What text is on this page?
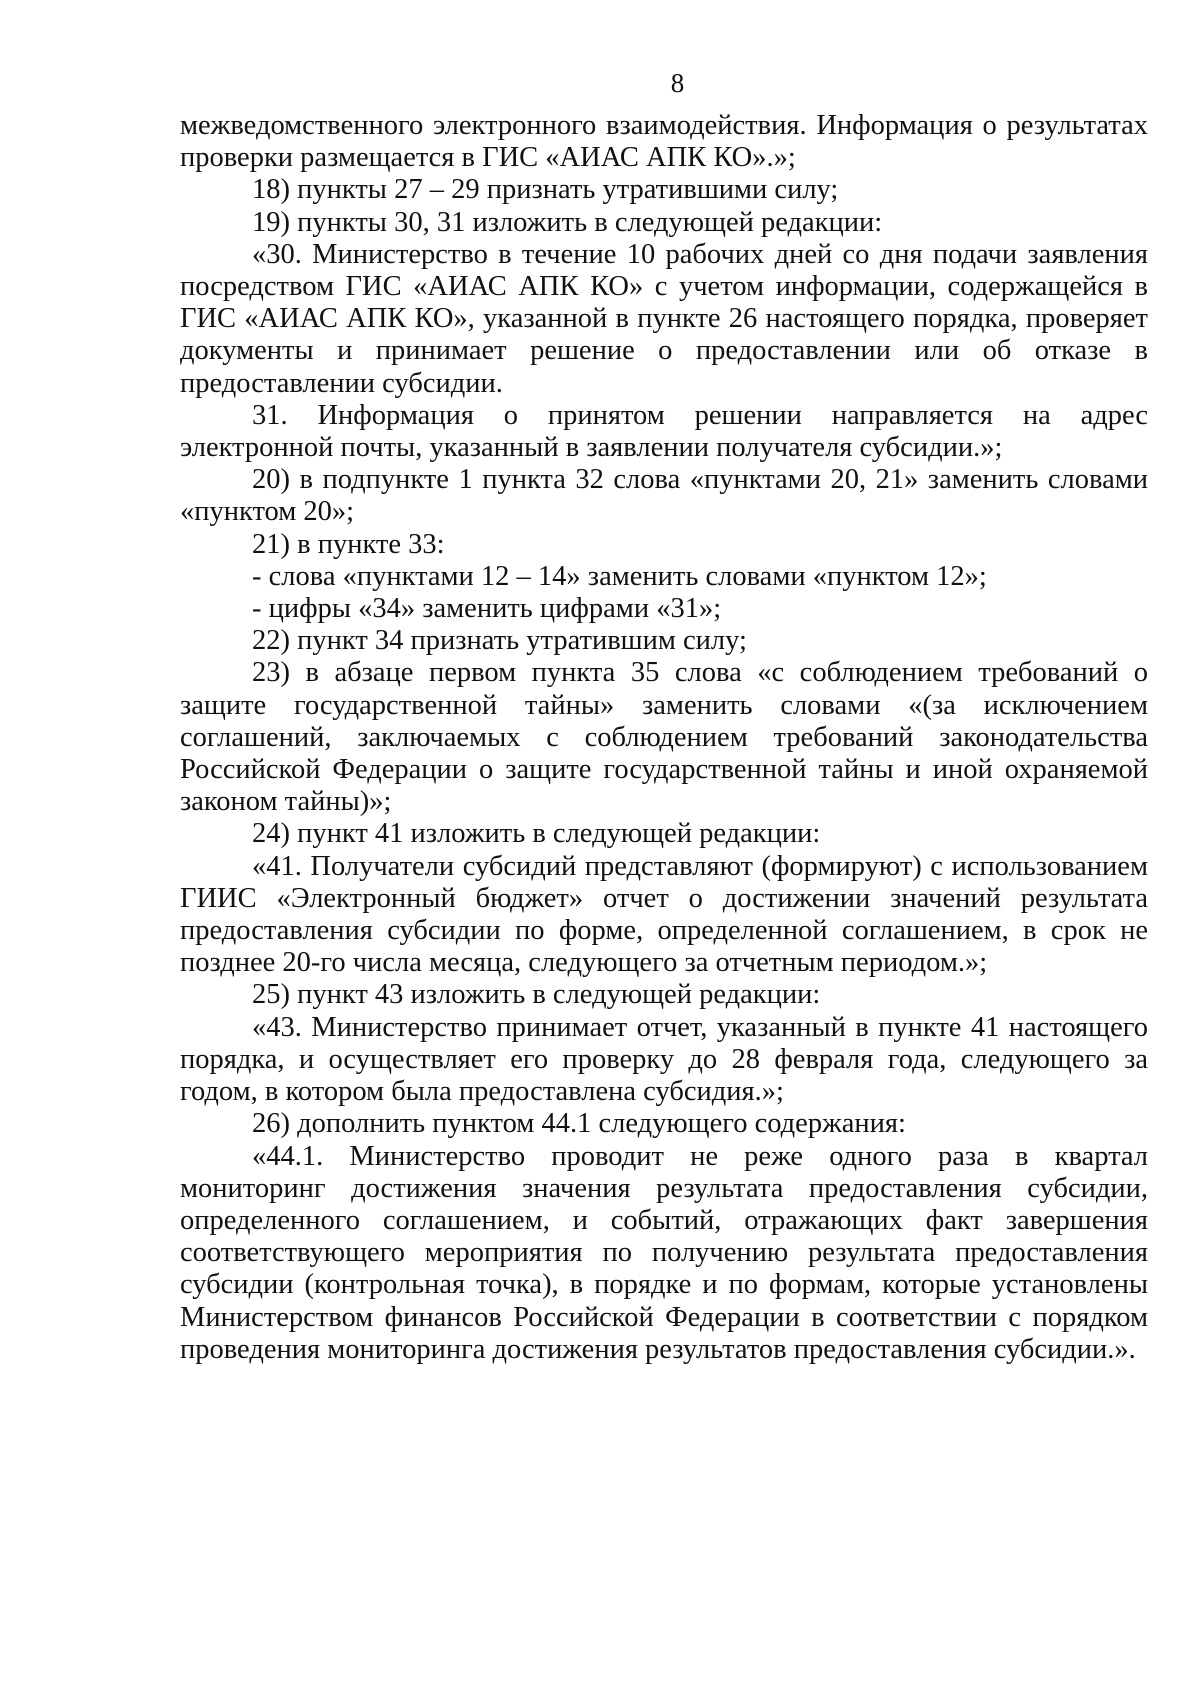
8

межведомственного электронного взаимодействия. Информация о результатах проверки размещается в ГИС «АИАС АПК КО».»;

18) пункты 27 – 29 признать утратившими силу;

19) пункты 30, 31 изложить в следующей редакции:

«30. Министерство в течение 10 рабочих дней со дня подачи заявления посредством ГИС «АИАС АПК КО» с учетом информации, содержащейся в ГИС «АИАС АПК КО», указанной в пункте 26 настоящего порядка, проверяет документы и принимает решение о предоставлении или об отказе в предоставлении субсидии.

31. Информация о принятом решении направляется на адрес электронной почты, указанный в заявлении получателя субсидии.»;

20) в подпункте 1 пункта 32 слова «пунктами 20, 21» заменить словами «пунктом 20»;

21) в пункте 33:

- слова «пунктами 12 – 14» заменить словами «пунктом 12»;

- цифры «34» заменить цифрами «31»;

22) пункт 34 признать утратившим силу;

23) в абзаце первом пункта 35 слова «с соблюдением требований о защите государственной тайны» заменить словами «(за исключением соглашений, заключаемых с соблюдением требований законодательства Российской Федерации о защите государственной тайны и иной охраняемой законом тайны)»;

24) пункт 41 изложить в следующей редакции:

«41. Получатели субсидий представляют (формируют) с использованием ГИИС «Электронный бюджет» отчет о достижении значений результата предоставления субсидии по форме, определенной соглашением, в срок не позднее 20-го числа месяца, следующего за отчетным периодом.»;

25) пункт 43 изложить в следующей редакции:

«43. Министерство принимает отчет, указанный в пункте 41 настоящего порядка, и осуществляет его проверку до 28 февраля года, следующего за годом, в котором была предоставлена субсидия.»;

26) дополнить пунктом 44.1 следующего содержания:

«44.1. Министерство проводит не реже одного раза в квартал мониторинг достижения значения результата предоставления субсидии, определенного соглашением, и событий, отражающих факт завершения соответствующего мероприятия по получению результата предоставления субсидии (контрольная точка), в порядке и по формам, которые установлены Министерством финансов Российской Федерации в соответствии с порядком проведения мониторинга достижения результатов предоставления субсидии.».
